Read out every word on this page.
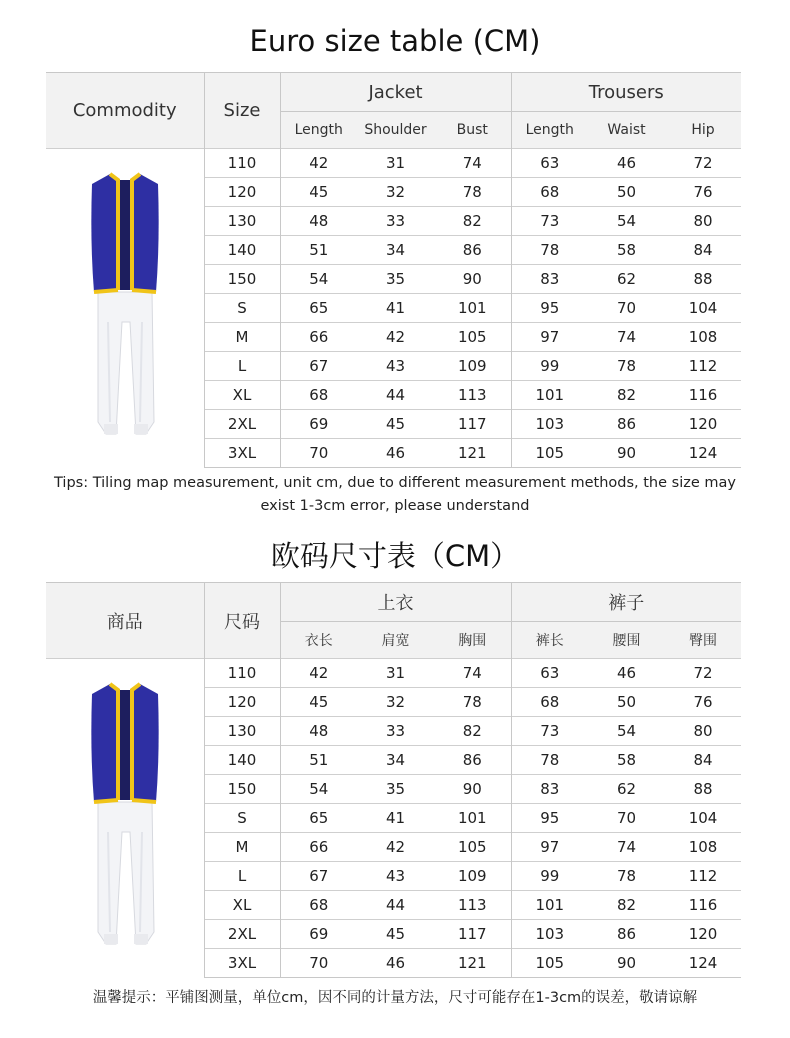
Euro size table (CM)
Commodity	Size	Jacket			Trousers		
		Length	Shoulder	Bust	Length	Waist	Hip

	110	42	31	74	63	46	72
	120	45	32	78	68	50	76
	130	48	33	82	73	54	80
	140	51	34	86	78	58	84
	150	54	35	90	83	62	88
	S	65	41	101	95	70	104
	M	66	42	105	97	74	108
	L	67	43	109	99	78	112
	XL	68	44	113	101	82	116
	2XL	69	45	117	103	86	120
	3XL	70	46	121	105	90	124
Tips: Tiling map measurement, unit cm, due to different measurement methods, the size may exist 1-3cm error, please understand
欧码尺寸表（CM）
商品	尺码	上衣			裤子		
		衣长	肩宽	胸围	裤长	腰围	臀围

	110	42	31	74	63	46	72
	120	45	32	78	68	50	76
	130	48	33	82	73	54	80
	140	51	34	86	78	58	84
	150	54	35	90	83	62	88
	S	65	41	101	95	70	104
	M	66	42	105	97	74	108
	L	67	43	109	99	78	112
	XL	68	44	113	101	82	116
	2XL	69	45	117	103	86	120
	3XL	70	46	121	105	90	124
温馨提示：平铺图测量，单位cm，因不同的计量方法，尺寸可能存在1-3cm的误差，敬请谅解
